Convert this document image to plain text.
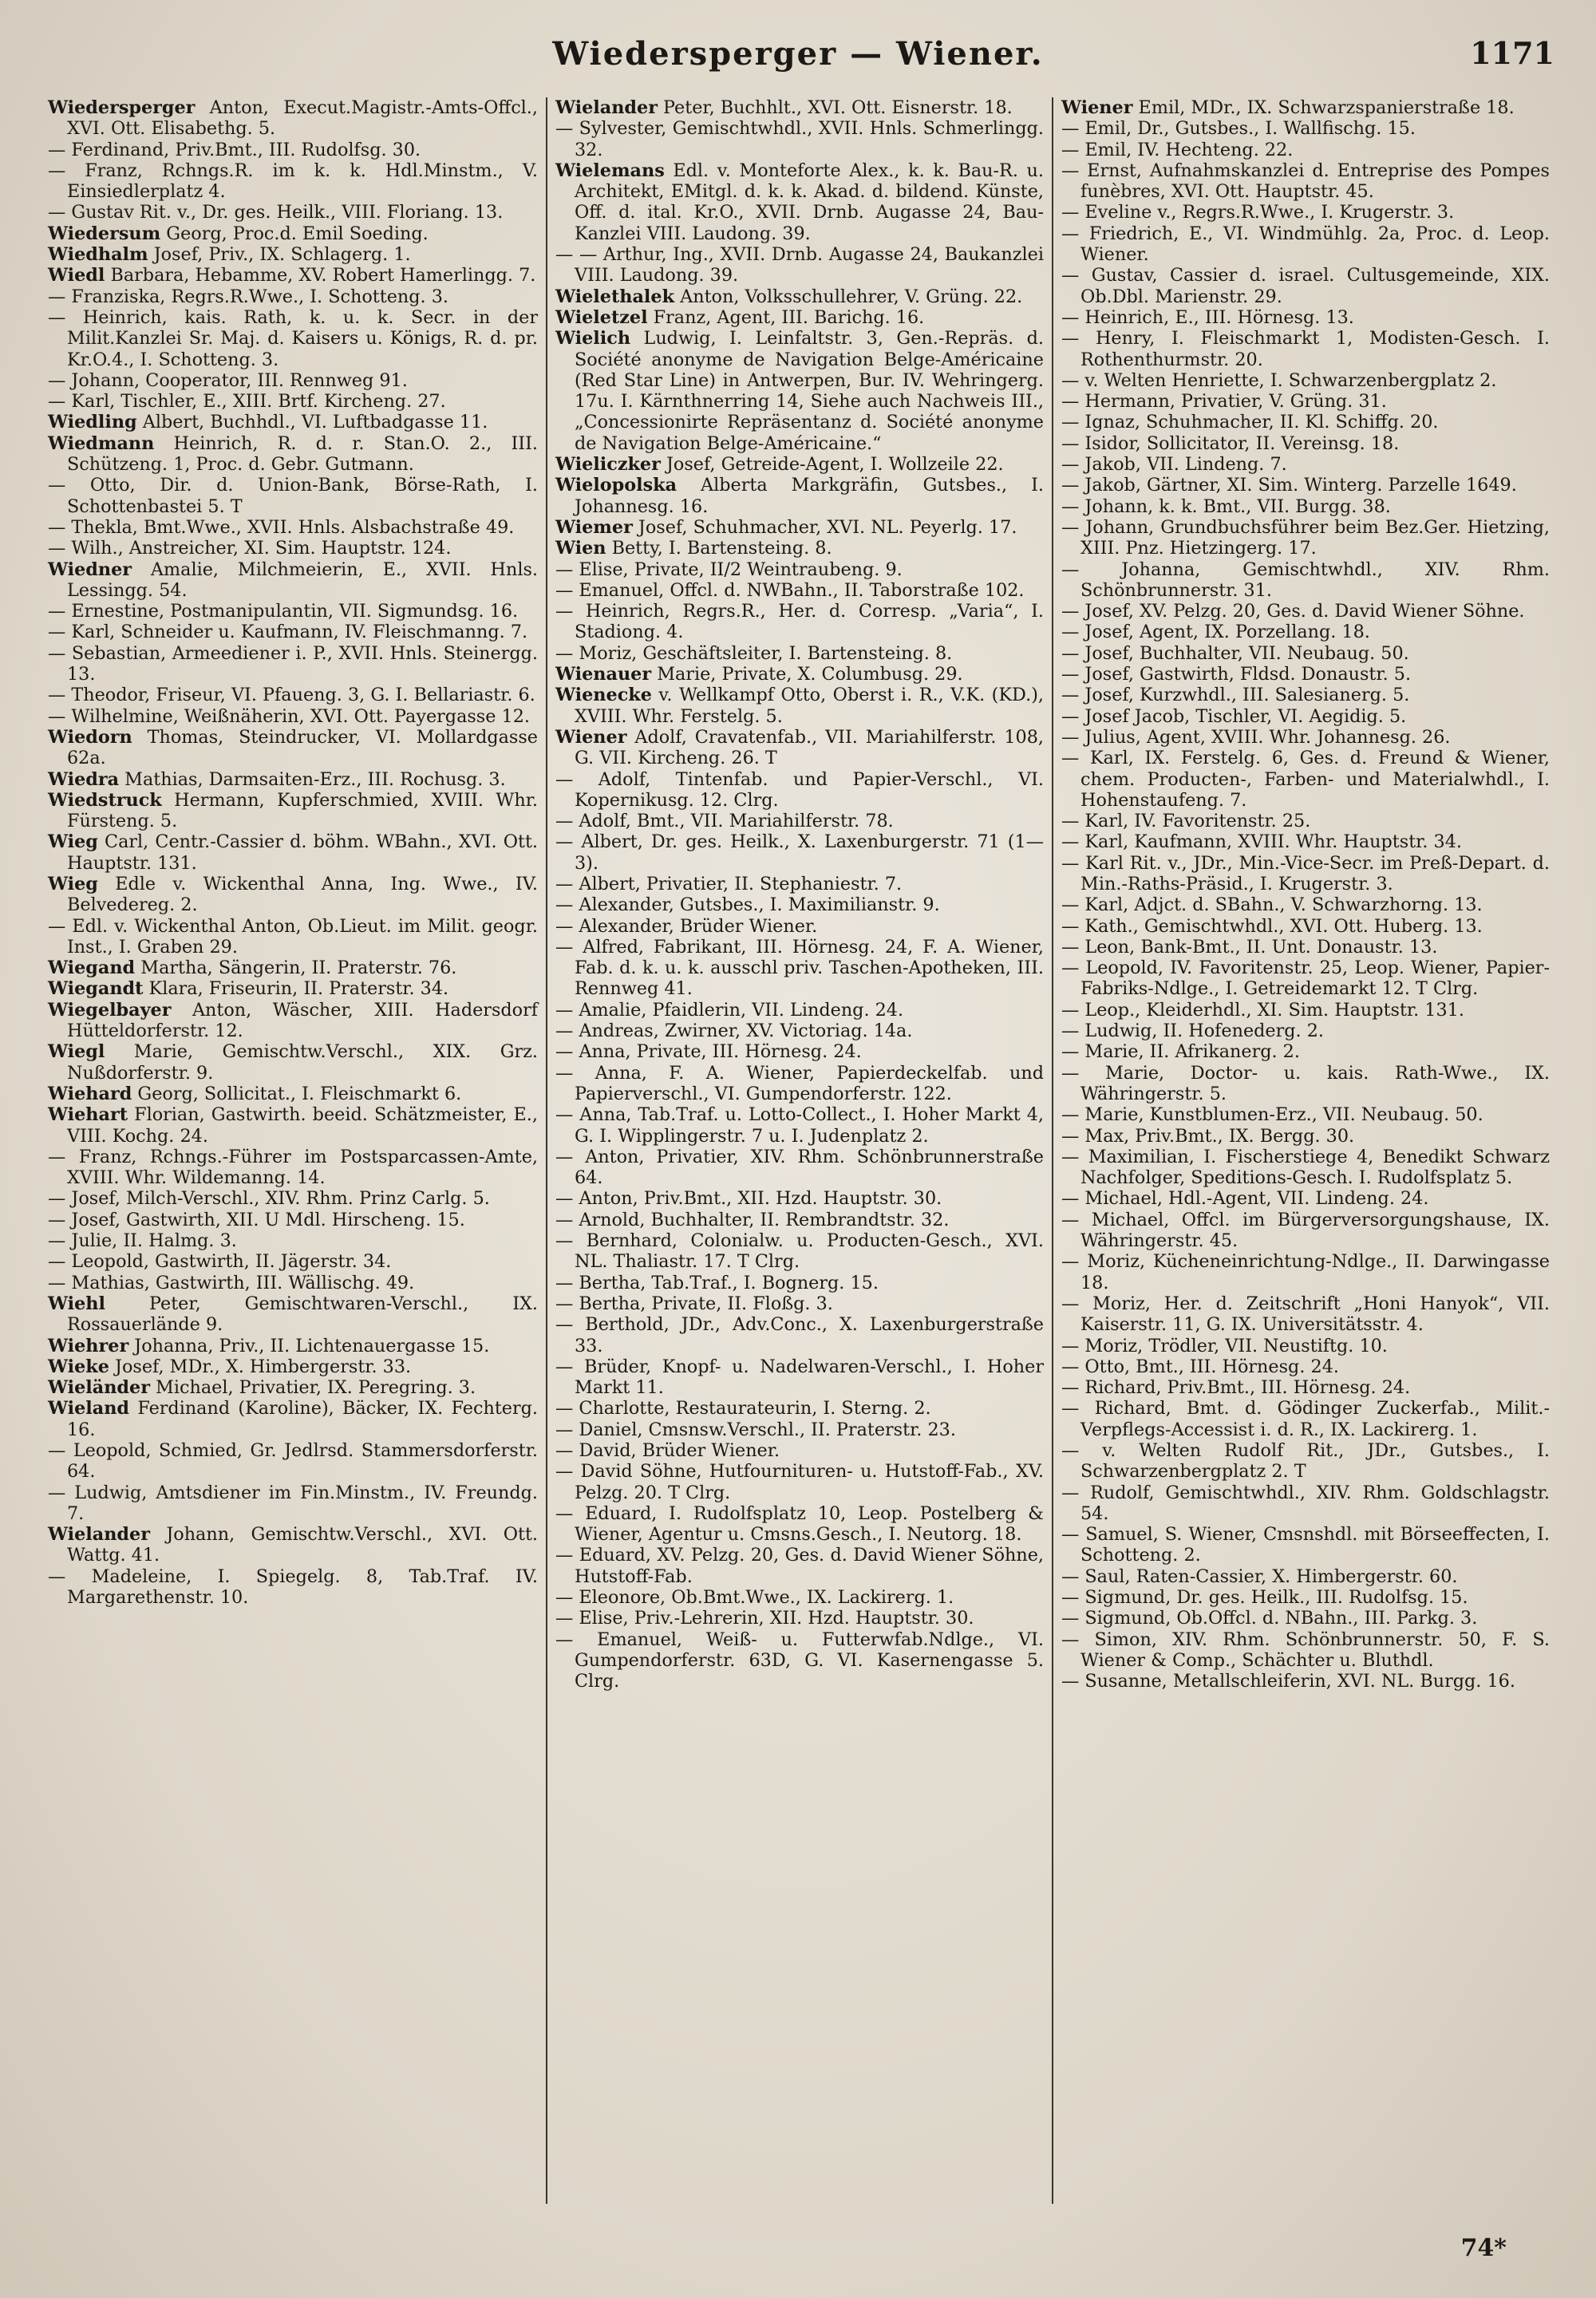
Wiedersperger — Wiener.	1171

Wiedersperger Anton, Execut.Magistr.-Amts-Offcl., XVI. Ott. Elisabethg. 5.

— Ferdinand, Priv.Bmt., III. Rudolfsg. 30.

— Franz, Rchngs.R. im k. k. Hdl.Minstm., V. Einsiedlerplatz 4.

— Gustav Rit. v., Dr. ges. Heilk., VIII. Floriang. 13.

Wiedersum Georg, Proc.d. Emil Soeding.

Wiedhalm Josef, Priv., IX. Schlagerg. 1.

Wiedl Barbara, Hebamme, XV. Robert Hamerlingg. 7.

— Franziska, Regrs.R.Wwe., I. Schotteng. 3.

— Heinrich, kais. Rath, k. u. k. Secr. in der Milit.Kanzlei Sr. Maj. d. Kaisers u. Königs, R. d. pr. Kr.O.4., I. Schotteng. 3.

— Johann, Cooperator, III. Rennweg 91.

— Karl, Tischler, E., XIII. Brtf. Kircheng. 27.

Wiedling Albert, Buchhdl., VI. Luftbadgasse 11.

Wiedmann Heinrich, R. d. r. Stan.O. 2., III. Schützeng. 1, Proc. d. Gebr. Gutmann.

— Otto, Dir. d. Union-Bank, Börse-Rath, I. Schottenbastei 5. T

— Thekla, Bmt.Wwe., XVII. Hnls. Alsbachstraße 49.

— Wilh., Anstreicher, XI. Sim. Hauptstr. 124.

Wiedner Amalie, Milchmeierin, E., XVII. Hnls. Lessingg. 54.

— Ernestine, Postmanipulantin, VII. Sigmundsg. 16.

— Karl, Schneider u. Kaufmann, IV. Fleischmanng. 7.

— Sebastian, Armeediener i. P., XVII. Hnls. Steinergg. 13.

— Theodor, Friseur, VI. Pfaueng. 3, G. I. Bellariastr. 6.

— Wilhelmine, Weißnäherin, XVI. Ott. Payergasse 12.

Wiedorn Thomas, Steindrucker, VI. Mollardgasse 62a.

Wiedra Mathias, Darmsaiten-Erz., III. Rochusg. 3.

Wiedstruck Hermann, Kupferschmied, XVIII. Whr. Fürsteng. 5.

Wieg Carl, Centr.-Cassier d. böhm. WBahn., XVI. Ott. Hauptstr. 131.

Wieg Edle v. Wickenthal Anna, Ing. Wwe., IV. Belvedereg. 2.

— Edl. v. Wickenthal Anton, Ob.Lieut. im Milit. geogr. Inst., I. Graben 29.

Wiegand Martha, Sängerin, II. Praterstr. 76.

Wiegandt Klara, Friseurin, II. Praterstr. 34.

Wiegelbayer Anton, Wäscher, XIII. Hadersdorf Hütteldorferstr. 12.

Wiegl Marie, Gemischtw.Verschl., XIX. Grz. Nußdorferstr. 9.

Wiehard Georg, Sollicitat., I. Fleischmarkt 6.

Wiehart Florian, Gastwirth. beeid. Schätzmeister, E., VIII. Kochg. 24.

— Franz, Rchngs.-Führer im Postsparcassen-Amte, XVIII. Whr. Wildemanng. 14.

— Josef, Milch-Verschl., XIV. Rhm. Prinz Carlg. 5.

— Josef, Gastwirth, XII. U Mdl. Hirscheng. 15.

— Julie, II. Halmg. 3.

— Leopold, Gastwirth, II. Jägerstr. 34.

— Mathias, Gastwirth, III. Wällischg. 49.

Wiehl Peter, Gemischtwaren-Verschl., IX. Rossauerlände 9.

Wiehrer Johanna, Priv., II. Lichtenauergasse 15.

Wieke Josef, MDr., X. Himbergerstr. 33.

Wieländer Michael, Privatier, IX. Peregring. 3.

Wieland Ferdinand (Karoline), Bäcker, IX. Fechterg. 16.

— Leopold, Schmied, Gr. Jedlrsd. Stammersdorferstr. 64.

— Ludwig, Amtsdiener im Fin.Minstm., IV. Freundg. 7.

Wielander Johann, Gemischtw.Verschl., XVI. Ott. Wattg. 41.

— Madeleine, I. Spiegelg. 8, Tab.Traf. IV. Margarethenstr. 10.

Wielander Peter, Buchhlt., XVI. Ott. Eisnerstr. 18.

— Sylvester, Gemischtwhdl., XVII. Hnls. Schmerlingg. 32.

Wielemans Edl. v. Monteforte Alex., k. k. Bau-R. u. Architekt, EMitgl. d. k. k. Akad. d. bildend. Künste, Off. d. ital. Kr.O., XVII. Drnb. Augasse 24, Bau-Kanzlei VIII. Laudong. 39.

— — Arthur, Ing., XVII. Drnb. Augasse 24, Baukanzlei VIII. Laudong. 39.

Wielethalek Anton, Volksschullehrer, V. Grüng. 22.

Wieletzel Franz, Agent, III. Barichg. 16.

Wielich Ludwig, I. Leinfaltstr. 3, Gen.-Repräs. d. Société anonyme de Navigation Belge-Américaine (Red Star Line) in Antwerpen, Bur. IV. Wehringerg. 17u. I. Kärnthnerring 14, Siehe auch Nachweis III., „Concessionirte Repräsentanz d. Société anonyme de Navigation Belge-Américaine.“

Wieliczker Josef, Getreide-Agent, I. Wollzeile 22.

Wielopolska Alberta Markgräfin, Gutsbes., I. Johannesg. 16.

Wiemer Josef, Schuhmacher, XVI. NL. Peyerlg. 17.

Wien Betty, I. Bartensteing. 8.

— Elise, Private, II/2 Weintraubeng. 9.

— Emanuel, Offcl. d. NWBahn., II. Taborstraße 102.

— Heinrich, Regrs.R., Her. d. Corresp. „Varia“, I. Stadiong. 4.

— Moriz, Geschäftsleiter, I. Bartensteing. 8.

Wienauer Marie, Private, X. Columbusg. 29.

Wienecke v. Wellkampf Otto, Oberst i. R., V.K. (KD.), XVIII. Whr. Ferstelg. 5.

Wiener Adolf, Cravatenfab., VII. Mariahilferstr. 108, G. VII. Kircheng. 26. T

— Adolf, Tintenfab. und Papier-Verschl., VI. Kopernikusg. 12. Clrg.

— Adolf, Bmt., VII. Mariahilferstr. 78.

— Albert, Dr. ges. Heilk., X. Laxenburgerstr. 71 (1—3).

— Albert, Privatier, II. Stephaniestr. 7.

— Alexander, Gutsbes., I. Maximilianstr. 9.

— Alexander, Brüder Wiener.

— Alfred, Fabrikant, III. Hörnesg. 24, F. A. Wiener, Fab. d. k. u. k. ausschl priv. Taschen-Apotheken, III. Rennweg 41.

— Amalie, Pfaidlerin, VII. Lindeng. 24.

— Andreas, Zwirner, XV. Victoriag. 14a.

— Anna, Private, III. Hörnesg. 24.

— Anna, F. A. Wiener, Papierdeckelfab. und Papierverschl., VI. Gumpendorferstr. 122.

— Anna, Tab.Traf. u. Lotto-Collect., I. Hoher Markt 4, G. I. Wipplingerstr. 7 u. I. Judenplatz 2.

— Anton, Privatier, XIV. Rhm. Schönbrunnerstraße 64.

— Anton, Priv.Bmt., XII. Hzd. Hauptstr. 30.

— Arnold, Buchhalter, II. Rembrandtstr. 32.

— Bernhard, Colonialw. u. Producten-Gesch., XVI. NL. Thaliastr. 17. T Clrg.

— Bertha, Tab.Traf., I. Bognerg. 15.

— Bertha, Private, II. Floßg. 3.

— Berthold, JDr., Adv.Conc., X. Laxenburgerstraße 33.

— Brüder, Knopf- u. Nadelwaren-Verschl., I. Hoher Markt 11.

— Charlotte, Restaurateurin, I. Sterng. 2.

— Daniel, Cmsnsw.Verschl., II. Praterstr. 23.

— David, Brüder Wiener.

— David Söhne, Hutfournituren- u. Hutstoff-Fab., XV. Pelzg. 20. T Clrg.

— Eduard, I. Rudolfsplatz 10, Leop. Postelberg & Wiener, Agentur u. Cmsns.Gesch., I. Neutorg. 18.

— Eduard, XV. Pelzg. 20, Ges. d. David Wiener Söhne, Hutstoff-Fab.

— Eleonore, Ob.Bmt.Wwe., IX. Lackirerg. 1.

— Elise, Priv.-Lehrerin, XII. Hzd. Hauptstr. 30.

— Emanuel, Weiß- u. Futterwfab.Ndlge., VI. Gumpendorferstr. 63D, G. VI. Kasernengasse 5. Clrg.

Wiener Emil, MDr., IX. Schwarzspanierstraße 18.

— Emil, Dr., Gutsbes., I. Wallfischg. 15.

— Emil, IV. Hechteng. 22.

— Ernst, Aufnahmskanzlei d. Entreprise des Pompes funèbres, XVI. Ott. Hauptstr. 45.

— Eveline v., Regrs.R.Wwe., I. Krugerstr. 3.

— Friedrich, E., VI. Windmühlg. 2a, Proc. d. Leop. Wiener.

— Gustav, Cassier d. israel. Cultusgemeinde, XIX. Ob.Dbl. Marienstr. 29.

— Heinrich, E., III. Hörnesg. 13.

— Henry, I. Fleischmarkt 1, Modisten-Gesch. I. Rothenthurmstr. 20.

— v. Welten Henriette, I. Schwarzenbergplatz 2.

— Hermann, Privatier, V. Grüng. 31.

— Ignaz, Schuhmacher, II. Kl. Schiffg. 20.

— Isidor, Sollicitator, II. Vereinsg. 18.

— Jakob, VII. Lindeng. 7.

— Jakob, Gärtner, XI. Sim. Winterg. Parzelle 1649.

— Johann, k. k. Bmt., VII. Burgg. 38.

— Johann, Grundbuchsführer beim Bez.Ger. Hietzing, XIII. Pnz. Hietzingerg. 17.

— Johanna, Gemischtwhdl., XIV. Rhm. Schönbrunnerstr. 31.

— Josef, XV. Pelzg. 20, Ges. d. David Wiener Söhne.

— Josef, Agent, IX. Porzellang. 18.

— Josef, Buchhalter, VII. Neubaug. 50.

— Josef, Gastwirth, Fldsd. Donaustr. 5.

— Josef, Kurzwhdl., III. Salesianerg. 5.

— Josef Jacob, Tischler, VI. Aegidig. 5.

— Julius, Agent, XVIII. Whr. Johannesg. 26.

— Karl, IX. Ferstelg. 6, Ges. d. Freund & Wiener, chem. Producten-, Farben- und Materialwhdl., I. Hohenstaufeng. 7.

— Karl, IV. Favoritenstr. 25.

— Karl, Kaufmann, XVIII. Whr. Hauptstr. 34.

— Karl Rit. v., JDr., Min.-Vice-Secr. im Preß-Depart. d. Min.-Raths-Präsid., I. Krugerstr. 3.

— Karl, Adjct. d. SBahn., V. Schwarzhorng. 13.

— Kath., Gemischtwhdl., XVI. Ott. Huberg. 13.

— Leon, Bank-Bmt., II. Unt. Donaustr. 13.

— Leopold, IV. Favoritenstr. 25, Leop. Wiener, Papier-Fabriks-Ndlge., I. Getreidemarkt 12. T Clrg.

— Leop., Kleiderhdl., XI. Sim. Hauptstr. 131.

— Ludwig, II. Hofenederg. 2.

— Marie, II. Afrikanerg. 2.

— Marie, Doctor- u. kais. Rath-Wwe., IX. Währingerstr. 5.

— Marie, Kunstblumen-Erz., VII. Neubaug. 50.

— Max, Priv.Bmt., IX. Bergg. 30.

— Maximilian, I. Fischerstiege 4, Benedikt Schwarz Nachfolger, Speditions-Gesch. I. Rudolfsplatz 5.

— Michael, Hdl.-Agent, VII. Lindeng. 24.

— Michael, Offcl. im Bürgerversorgungshause, IX. Währingerstr. 45.

— Moriz, Kücheneinrichtung-Ndlge., II. Darwingasse 18.

— Moriz, Her. d. Zeitschrift „Honi Hanyok“, VII. Kaiserstr. 11, G. IX. Universitätsstr. 4.

— Moriz, Trödler, VII. Neustiftg. 10.

— Otto, Bmt., III. Hörnesg. 24.

— Richard, Priv.Bmt., III. Hörnesg. 24.

— Richard, Bmt. d. Gödinger Zuckerfab., Milit.-Verpflegs-Accessist i. d. R., IX. Lackirerg. 1.

— v. Welten Rudolf Rit., JDr., Gutsbes., I. Schwarzenbergplatz 2. T

— Rudolf, Gemischtwhdl., XIV. Rhm. Goldschlagstr. 54.

— Samuel, S. Wiener, Cmsnshdl. mit Börseeffecten, I. Schotteng. 2.

— Saul, Raten-Cassier, X. Himbergerstr. 60.

— Sigmund, Dr. ges. Heilk., III. Rudolfsg. 15.

— Sigmund, Ob.Offcl. d. NBahn., III. Parkg. 3.

— Simon, XIV. Rhm. Schönbrunnerstr. 50, F. S. Wiener & Comp., Schächter u. Bluthdl.

— Susanne, Metallschleiferin, XVI. NL. Burgg. 16.

74*
